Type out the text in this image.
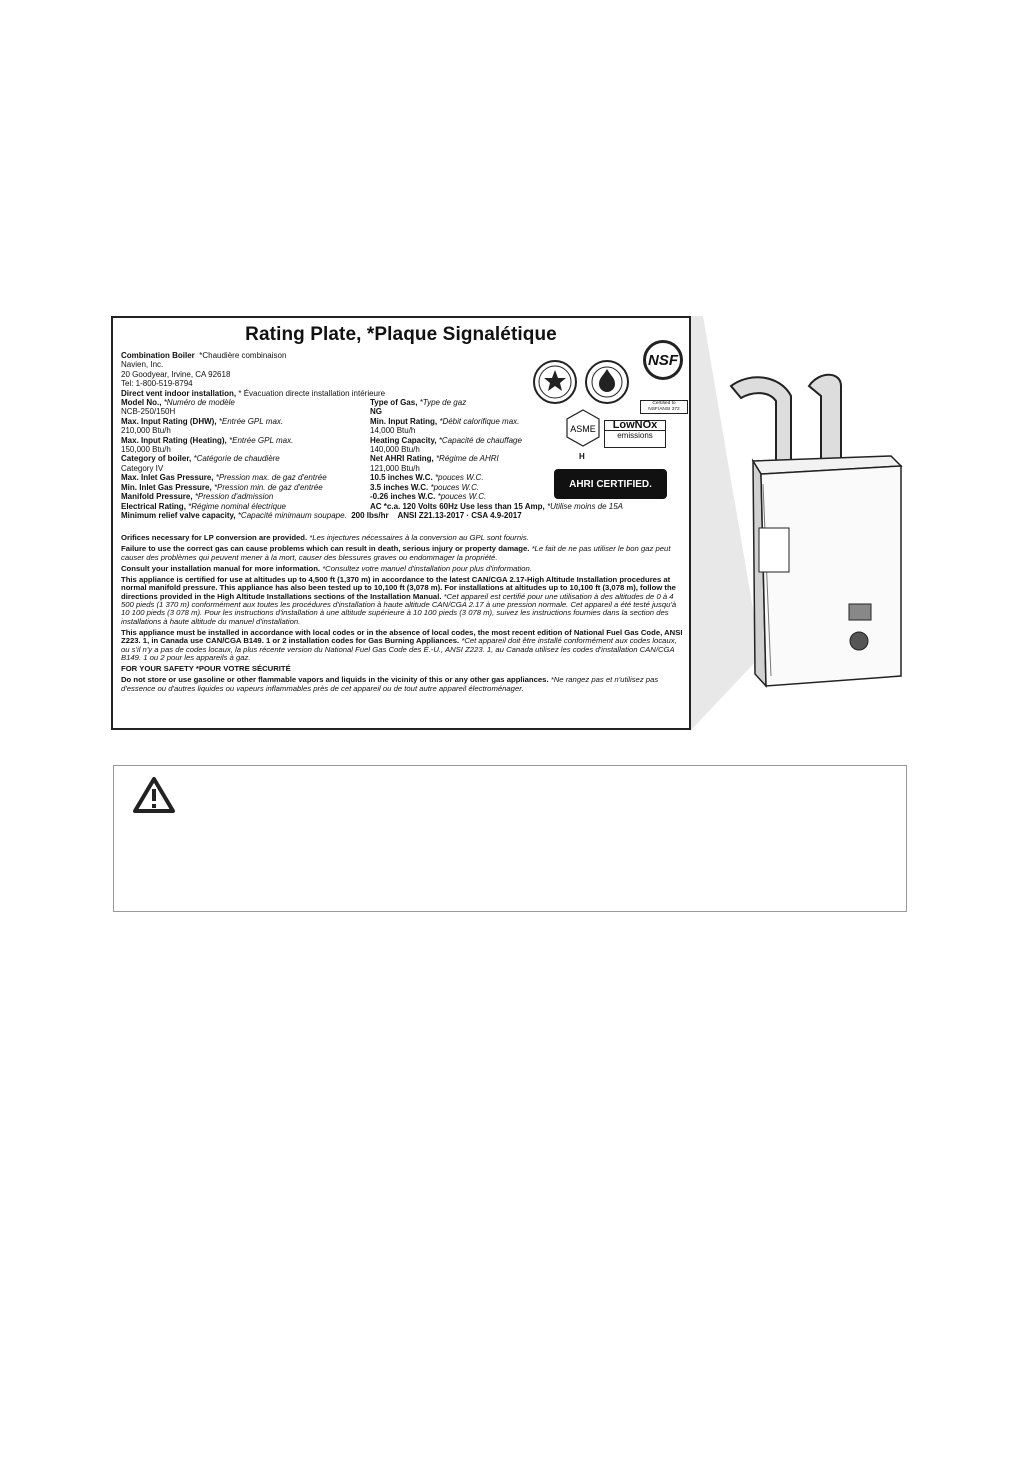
Rating Plate, *Plaque Signalétique
Combination Boiler *Chaudière combinaison
Navien, Inc.
20 Goodyear, Irvine, CA 92618
Tel: 1-800-519-8794
Direct vent indoor installation, * Évacuation directe installation intérieure
Model No., *Numéro de modèle	Type of Gas, *Type de gaz
NCB-250/150H	NG
Max. Input Rating (DHW), *Entrée GPL max.	Min. Input Rating, *Débit calorifique max.
210,000 Btu/h	14,000 Btu/h
Max. Input Rating (Heating), *Entrée GPL max.	Heating Capacity, *Capacité de chauffage
150,000 Btu/h	140,000 Btu/h
Category of boiler, *Catégorie de chaudière	Net AHRI Rating, *Régime de AHRI
Category IV	121,000 Btu/h
Max. Inlet Gas Pressure, *Pression max. de gaz d'entrée	10.5 inches W.C. *pouces W.C.
Min. Inlet Gas Pressure, *Pression min. de gaz d'entrée	3.5 inches W.C. *pouces W.C.
Manifold Pressure, *Pression d'admission	-0.26 inches W.C. *pouces W.C.
Electrical Rating, *Régime nominal électrique	AC *c.a. 120 Volts 60Hz Use less than 15 Amp, *Utilise moins de 15A
Minimum relief valve capacity,
*Capacité minimaum soupape.
200 lbs/hr
ANSI Z21.13-2017 · CSA 4.9-2017

Orifices necessary for LP conversion are provided. *Les injectures nécessaires à la conversion au GPL sont fournis.

Failure to use the correct gas can cause problems which can result in death, serious injury or property damage. *Le fait de ne pas utiliser le bon gaz peut causer des problèmes qui peuvent mener à la mort, causer des blessures graves ou endommager la propriété.

Consult your installation manual for more information. *Consultez votre manuel d'installation pour plus d'information.

This appliance is certified for use at altitudes up to 4,500 ft (1,370 m) in accordance to the latest CAN/CGA 2.17-High Altitude Installation procedures at normal manifold pressure. This appliance has also been tested up to 10,100 ft (3,078 m). For installations at altitudes up to 10,100 ft (3,078 m), follow the directions provided in the High Altitude Installations sections of the Installation Manual. *Cet appareil est certifié pour une utilisation à des altitudes de 0 à 4 500 pieds (1 370 m) conformément aux toutes les procédures d'installation à haute altitude CAN/CGA 2.17 à une pression normale. Cet appareil a été testé jusqu'à 10 100 pieds (3 078 m). Pour les instructions d'installation à une altitude supérieure à 10 100 pieds (3 078 m), suivez les instructions fournies dans la section des installations à haute altitude du manuel d'installation.

This appliance must be installed in accordance with local codes or in the absence of local codes, the most recent edition of National Fuel Gas Code, ANSI Z223. 1, in Canada use CAN/CGA B149. 1 or 2 installation codes for Gas Burning Appliances. *Cet appareil doit être installé conformément aux codes locaux, ou s'il n'y a pas de codes locaux, la plus récente version du National Fuel Gas Code des É.-U., ANSI Z223. 1, au Canada utilisez les codes d'installation CAN/CGA B149. 1 ou 2 pour les appareils à gaz.

FOR YOUR SAFETY *POUR VOTRE SÉCURITÉ

Do not store or use gasoline or other flammable vapors and liquids in the vicinity of this or any other gas appliances. *Ne rangez pas et n'utilisez pas d'essence ou d'autres liquides ou vapeurs inflammables près de cet appareil ou de tout autre appareil électroménager.

NSF
Certified to NSF/ANSI 372
ASME
H
LowNOx
emissions
AHRI CERTIFIED.
